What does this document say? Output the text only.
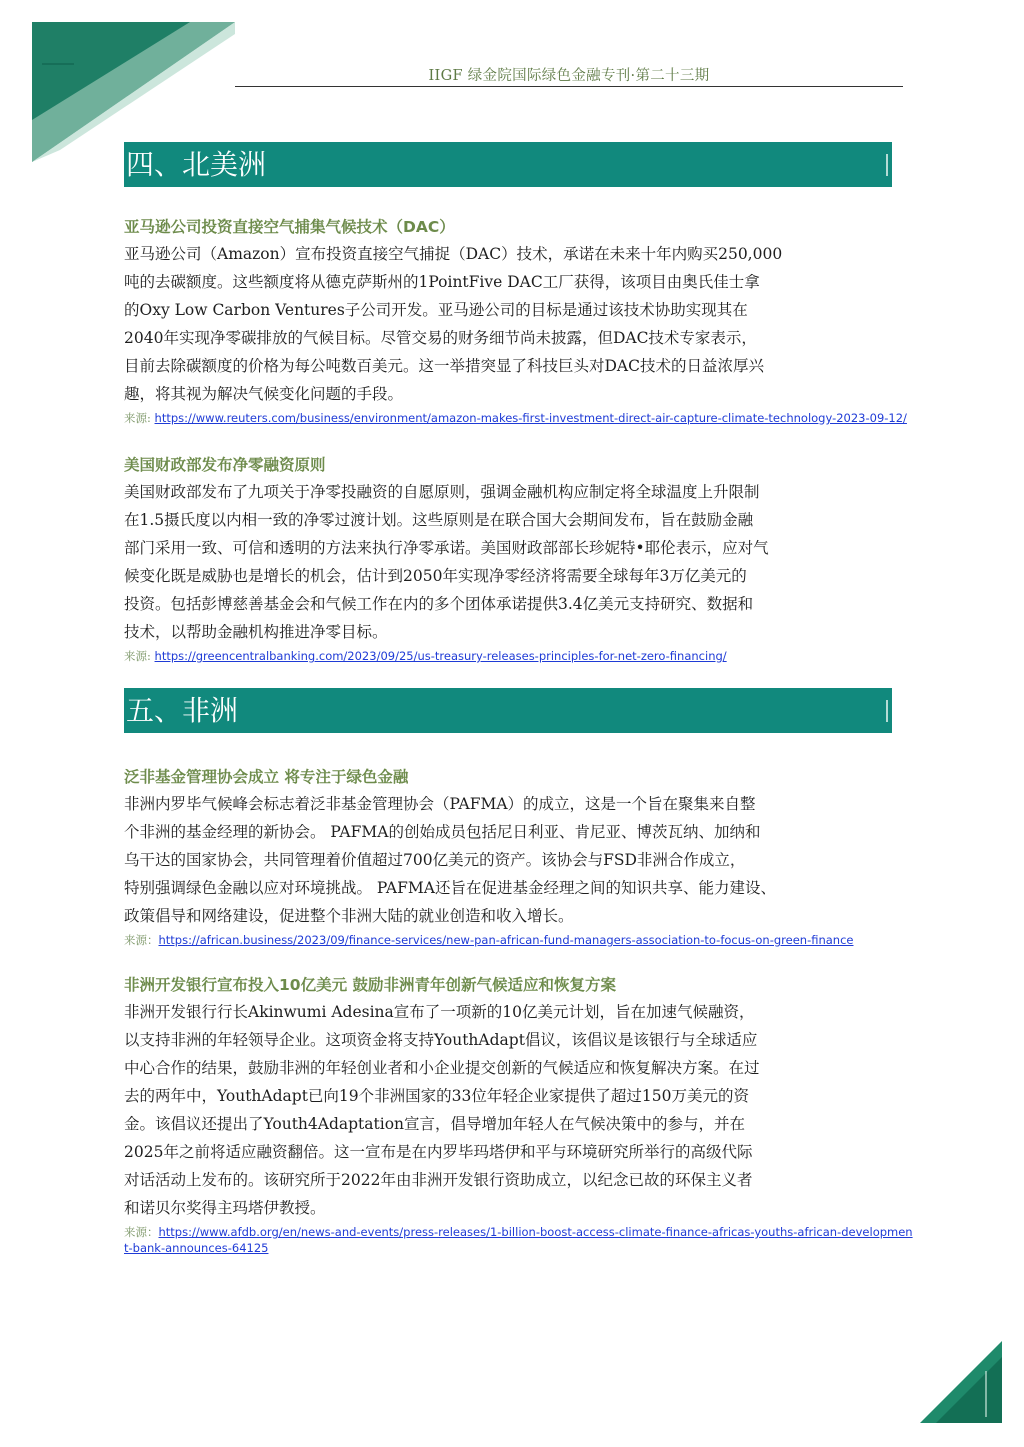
IIGF 绿金院国际绿色金融专刊·第二十三期
四、北美洲
亚马逊公司投资直接空气捕集气候技术（DAC）

亚马逊公司（Amazon）宣布投资直接空气捕捉（DAC）技术，承诺在未来十年内购买250,000
吨的去碳额度。这些额度将从德克萨斯州的1PointFive DAC工厂获得，该项目由奥氏佳士拿
的Oxy Low Carbon Ventures子公司开发。亚马逊公司的目标是通过该技术协助实现其在
2040年实现净零碳排放的气候目标。尽管交易的财务细节尚未披露，但DAC技术专家表示，
目前去除碳额度的价格为每公吨数百美元。这一举措突显了科技巨头对DAC技术的日益浓厚兴
趣，将其视为解决气候变化问题的手段。

来源: https://www.reuters.com/business/environment/amazon-makes-first-investment-direct-air-capture-climate-technology-2023-09-12/

美国财政部发布净零融资原则

美国财政部发布了九项关于净零投融资的自愿原则，强调金融机构应制定将全球温度上升限制
在1.5摄氏度以内相一致的净零过渡计划。这些原则是在联合国大会期间发布，旨在鼓励金融
部门采用一致、可信和透明的方法来执行净零承诺。美国财政部部长珍妮特•耶伦表示，应对气
候变化既是威胁也是增长的机会，估计到2050年实现净零经济将需要全球每年3万亿美元的
投资。包括彭博慈善基金会和气候工作在内的多个团体承诺提供3.4亿美元支持研究、数据和
技术，以帮助金融机构推进净零目标。

来源: https://greencentralbanking.com/2023/09/25/us-treasury-releases-principles-for-net-zero-financing/

五、非洲
泛非基金管理协会成立 将专注于绿色金融

非洲内罗毕气候峰会标志着泛非基金管理协会（PAFMA）的成立，这是一个旨在聚集来自整
个非洲的基金经理的新协会。 PAFMA的创始成员包括尼日利亚、肯尼亚、博茨瓦纳、加纳和
乌干达的国家协会，共同管理着价值超过700亿美元的资产。该协会与FSD非洲合作成立，
特别强调绿色金融以应对环境挑战。 PAFMA还旨在促进基金经理之间的知识共享、能力建设、
政策倡导和网络建设，促进整个非洲大陆的就业创造和收入增长。

来源：https://african.business/2023/09/finance-services/new-pan-african-fund-managers-association-to-focus-on-green-finance

非洲开发银行宣布投入10亿美元 鼓励非洲青年创新气候适应和恢复方案

非洲开发银行行长Akinwumi Adesina宣布了一项新的10亿美元计划，旨在加速气候融资，
以支持非洲的年轻领导企业。这项资金将支持YouthAdapt倡议，该倡议是该银行与全球适应
中心合作的结果，鼓励非洲的年轻创业者和小企业提交创新的气候适应和恢复解决方案。在过
去的两年中，YouthAdapt已向19个非洲国家的33位年轻企业家提供了超过150万美元的资
金。该倡议还提出了Youth4Adaptation宣言，倡导增加年轻人在气候决策中的参与，并在
2025年之前将适应融资翻倍。这一宣布是在内罗毕玛塔伊和平与环境研究所举行的高级代际
对话活动上发布的。该研究所于2022年由非洲开发银行资助成立，以纪念已故的环保主义者
和诺贝尔奖得主玛塔伊教授。

来源：https://www.afdb.org/en/news-and-events/press-releases/1-billion-boost-access-climate-finance-africas-youths-african-development-bank-announces-64125
